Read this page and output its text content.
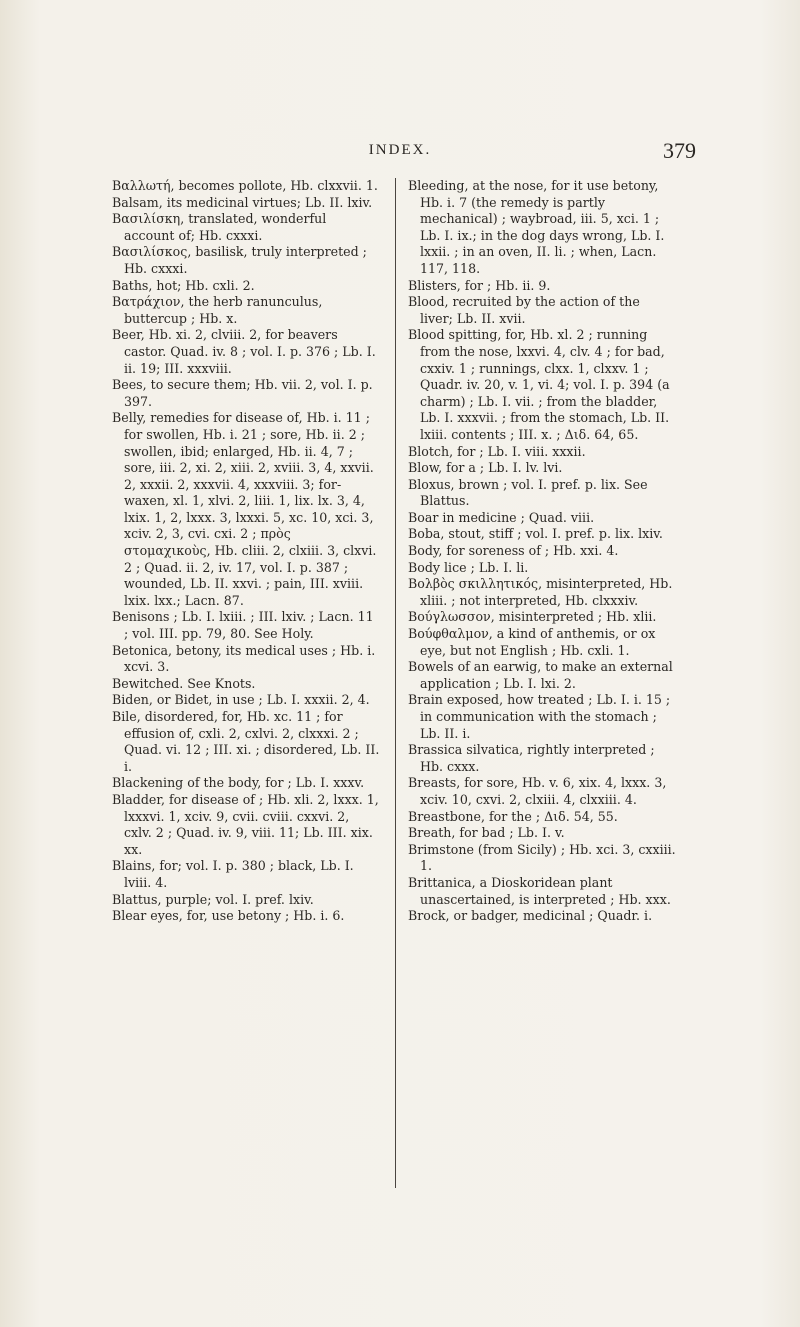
INDEX.	379

Βαλλωτή, becomes pollote, Hb. clxxvii. 1.

Balsam, its medicinal virtues; Lb. II. lxiv.

Βασιλίσκη, translated, wonderful account of; Hb. cxxxi.

Βασιλίσκος, basilisk, truly interpreted ; Hb. cxxxi.

Baths, hot; Hb. cxli. 2.

Βατράχιον, the herb ranunculus, buttercup ; Hb. x.

Beer, Hb. xi. 2, clviii. 2, for beavers castor. Quad. iv. 8 ; vol. I. p. 376 ; Lb. I. ii. 19; III. xxxviii.

Bees, to secure them; Hb. vii. 2, vol. I. p. 397.

Belly, remedies for disease of, Hb. i. 11 ; for swollen, Hb. i. 21 ; sore, Hb. ii. 2 ; swollen, ibid; enlarged, Hb. ii. 4, 7 ; sore, iii. 2, xi. 2, xiii. 2, xviii. 3, 4, xxvii. 2, xxxii. 2, xxxvii. 4, xxxviii. 3; for-waxen, xl. 1, xlvi. 2, liii. 1, lix. lx. 3, 4, lxix. 1, 2, lxxx. 3, lxxxi. 5, xc. 10, xci. 3, xciv. 2, 3, cvi. cxi. 2 ; πρὸς στομαχικοὺς, Hb. cliii. 2, clxiii. 3, clxvi. 2 ; Quad. ii. 2, iv. 17, vol. I. p. 387 ; wounded, Lb. II. xxvi. ; pain, III. xviii. lxix. lxx.; Lacn. 87.

Benisons ; Lb. I. lxiii. ; III. lxiv. ; Lacn. 11 ; vol. III. pp. 79, 80. See Holy.

Betonica, betony, its medical uses ; Hb. i. xcvi. 3.

Bewitched. See Knots.

Biden, or Bidet, in use ; Lb. I. xxxii. 2, 4.

Bile, disordered, for, Hb. xc. 11 ; for effusion of, cxli. 2, cxlvi. 2, clxxxi. 2 ; Quad. vi. 12 ; III. xi. ; disordered, Lb. II. i.

Blackening of the body, for ; Lb. I. xxxv.

Bladder, for disease of ; Hb. xli. 2, lxxx. 1, lxxxvi. 1, xciv. 9, cvii. cviii. cxxvi. 2, cxlv. 2 ; Quad. iv. 9, viii. 11; Lb. III. xix. xx.

Blains, for; vol. I. p. 380 ; black, Lb. I. lviii. 4.

Blattus, purple; vol. I. pref. lxiv.

Blear eyes, for, use betony ; Hb. i. 6.

Bleeding, at the nose, for it use betony, Hb. i. 7 (the remedy is partly mechanical) ; waybroad, iii. 5, xci. 1 ; Lb. I. ix.; in the dog days wrong, Lb. I. lxxii. ; in an oven, II. li. ; when, Lacn. 117, 118.

Blisters, for ; Hb. ii. 9.

Blood, recruited by the action of the liver; Lb. II. xvii.

Blood spitting, for, Hb. xl. 2 ; running from the nose, lxxvi. 4, clv. 4 ; for bad, cxxiv. 1 ; runnings, clxx. 1, clxxv. 1 ; Quadr. iv. 20, v. 1, vi. 4; vol. I. p. 394 (a charm) ; Lb. I. vii. ; from the bladder, Lb. I. xxxvii. ; from the stomach, Lb. II. lxiii. contents ; III. x. ; Διδ. 64, 65.

Blotch, for ; Lb. I. viii. xxxii.

Blow, for a ; Lb. I. lv. lvi.

Bloxus, brown ; vol. I. pref. p. lix. See Blattus.

Boar in medicine ; Quad. viii.

Boba, stout, stiff ; vol. I. pref. p. lix. lxiv.

Body, for soreness of ; Hb. xxi. 4.

Body lice ; Lb. I. li.

Βολβὸς σκιλλητικός, misinterpreted, Hb. xliii. ; not interpreted, Hb. clxxxiv.

Βούγλωσσον, misinterpreted ; Hb. xlii.

Βούφθαλμον, a kind of anthemis, or ox eye, but not English ; Hb. cxli. 1.

Bowels of an earwig, to make an external application ; Lb. I. lxi. 2.

Brain exposed, how treated ; Lb. I. i. 15 ; in communication with the stomach ; Lb. II. i.

Brassica silvatica, rightly interpreted ; Hb. cxxx.

Breasts, for sore, Hb. v. 6, xix. 4, lxxx. 3, xciv. 10, cxvi. 2, clxiii. 4, clxxiii. 4.

Breastbone, for the ; Διδ. 54, 55.

Breath, for bad ; Lb. I. v.

Brimstone (from Sicily) ; Hb. xci. 3, cxxiii. 1.

Brittanica, a Dioskoridean plant unascertained, is interpreted ; Hb. xxx.

Brock, or badger, medicinal ; Quadr. i.
